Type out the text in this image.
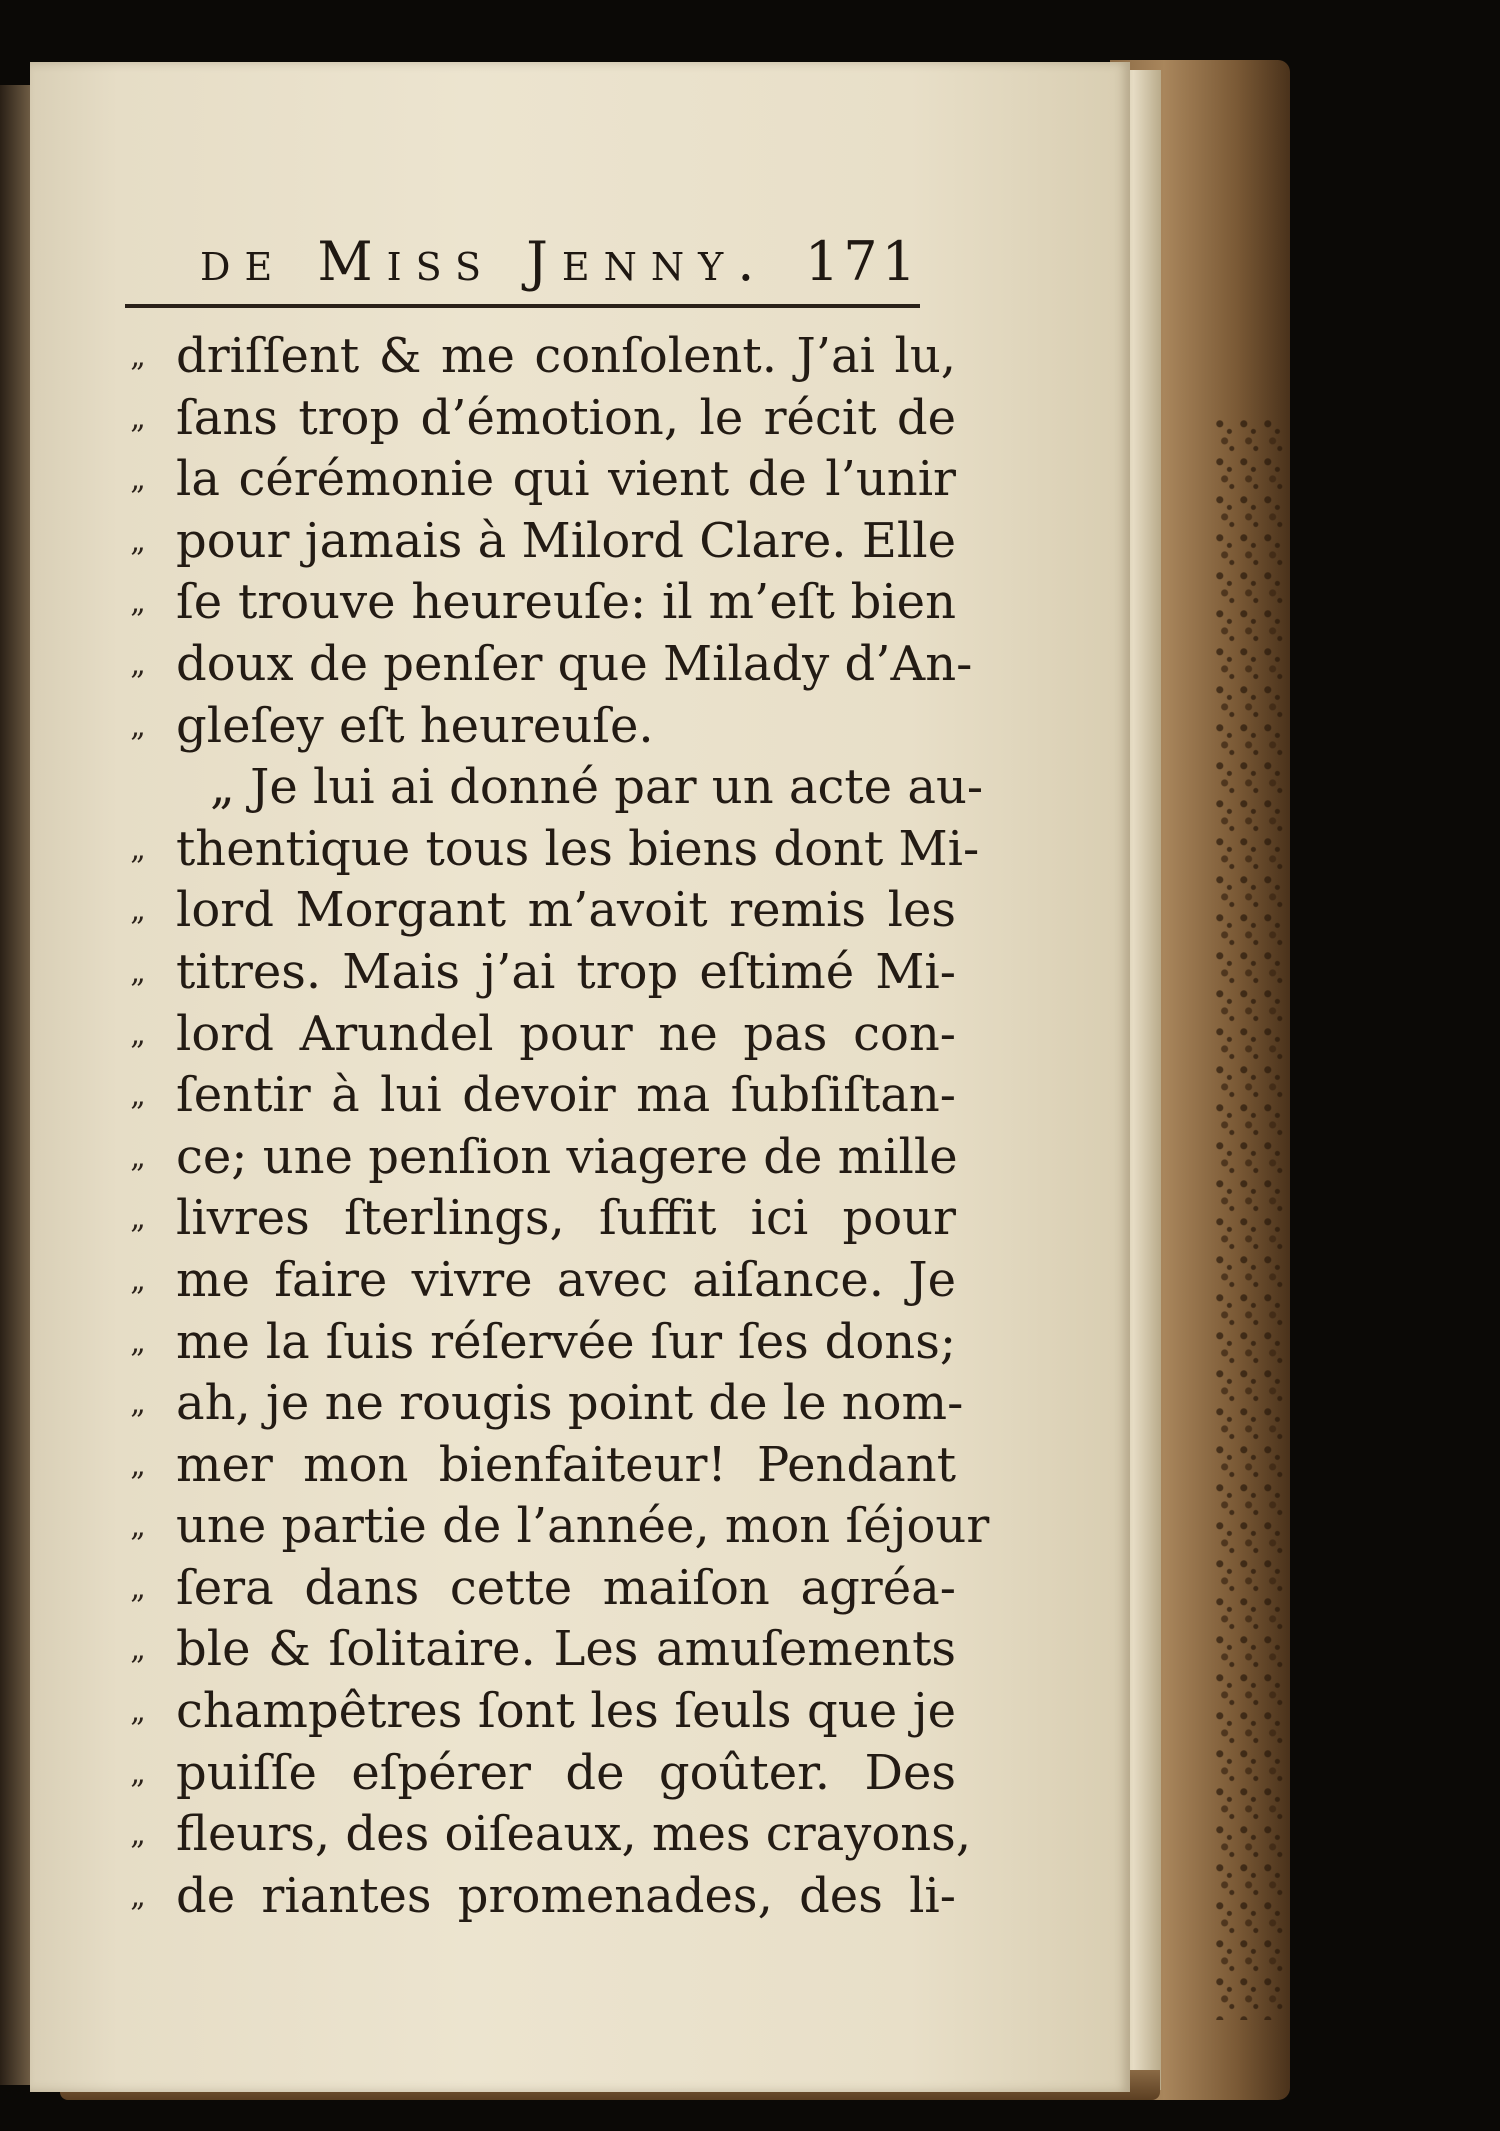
de Miss Jenny. 171
„ driſſent & me conſolent. J’ai lu,
„ ſans trop d’émotion, le récit de
„ la cérémonie qui vient de l’unir
„ pour jamais à Milord Clare. Elle
„ ſe trouve heureuſe: il m’eſt bien
„ doux de penſer que Milady d’An-
„ gleſey eſt heureuſe.
„ Je lui ai donné par un acte au-
„ thentique tous les biens dont Mi-
„ lord Morgant m’avoit remis les
„ titres. Mais j’ai trop eſtimé Mi-
„ lord Arundel pour ne pas con-
„ ſentir à lui devoir ma ſubſiſtan-
„ ce; une penſion viagere de mille
„ livres ſterlings, ſuffit ici pour
„ me faire vivre avec aiſance. Je
„ me la ſuis réſervée ſur ſes dons;
„ ah, je ne rougis point de le nom-
„ mer mon bienfaiteur! Pendant
„ une partie de l’année, mon ſéjour
„ ſera dans cette maiſon agréa-
„ ble & ſolitaire. Les amuſements
„ champêtres ſont les ſeuls que je
„ puiſſe eſpérer de goûter. Des
„ fleurs, des oiſeaux, mes crayons,
„ de riantes promenades, des li-
